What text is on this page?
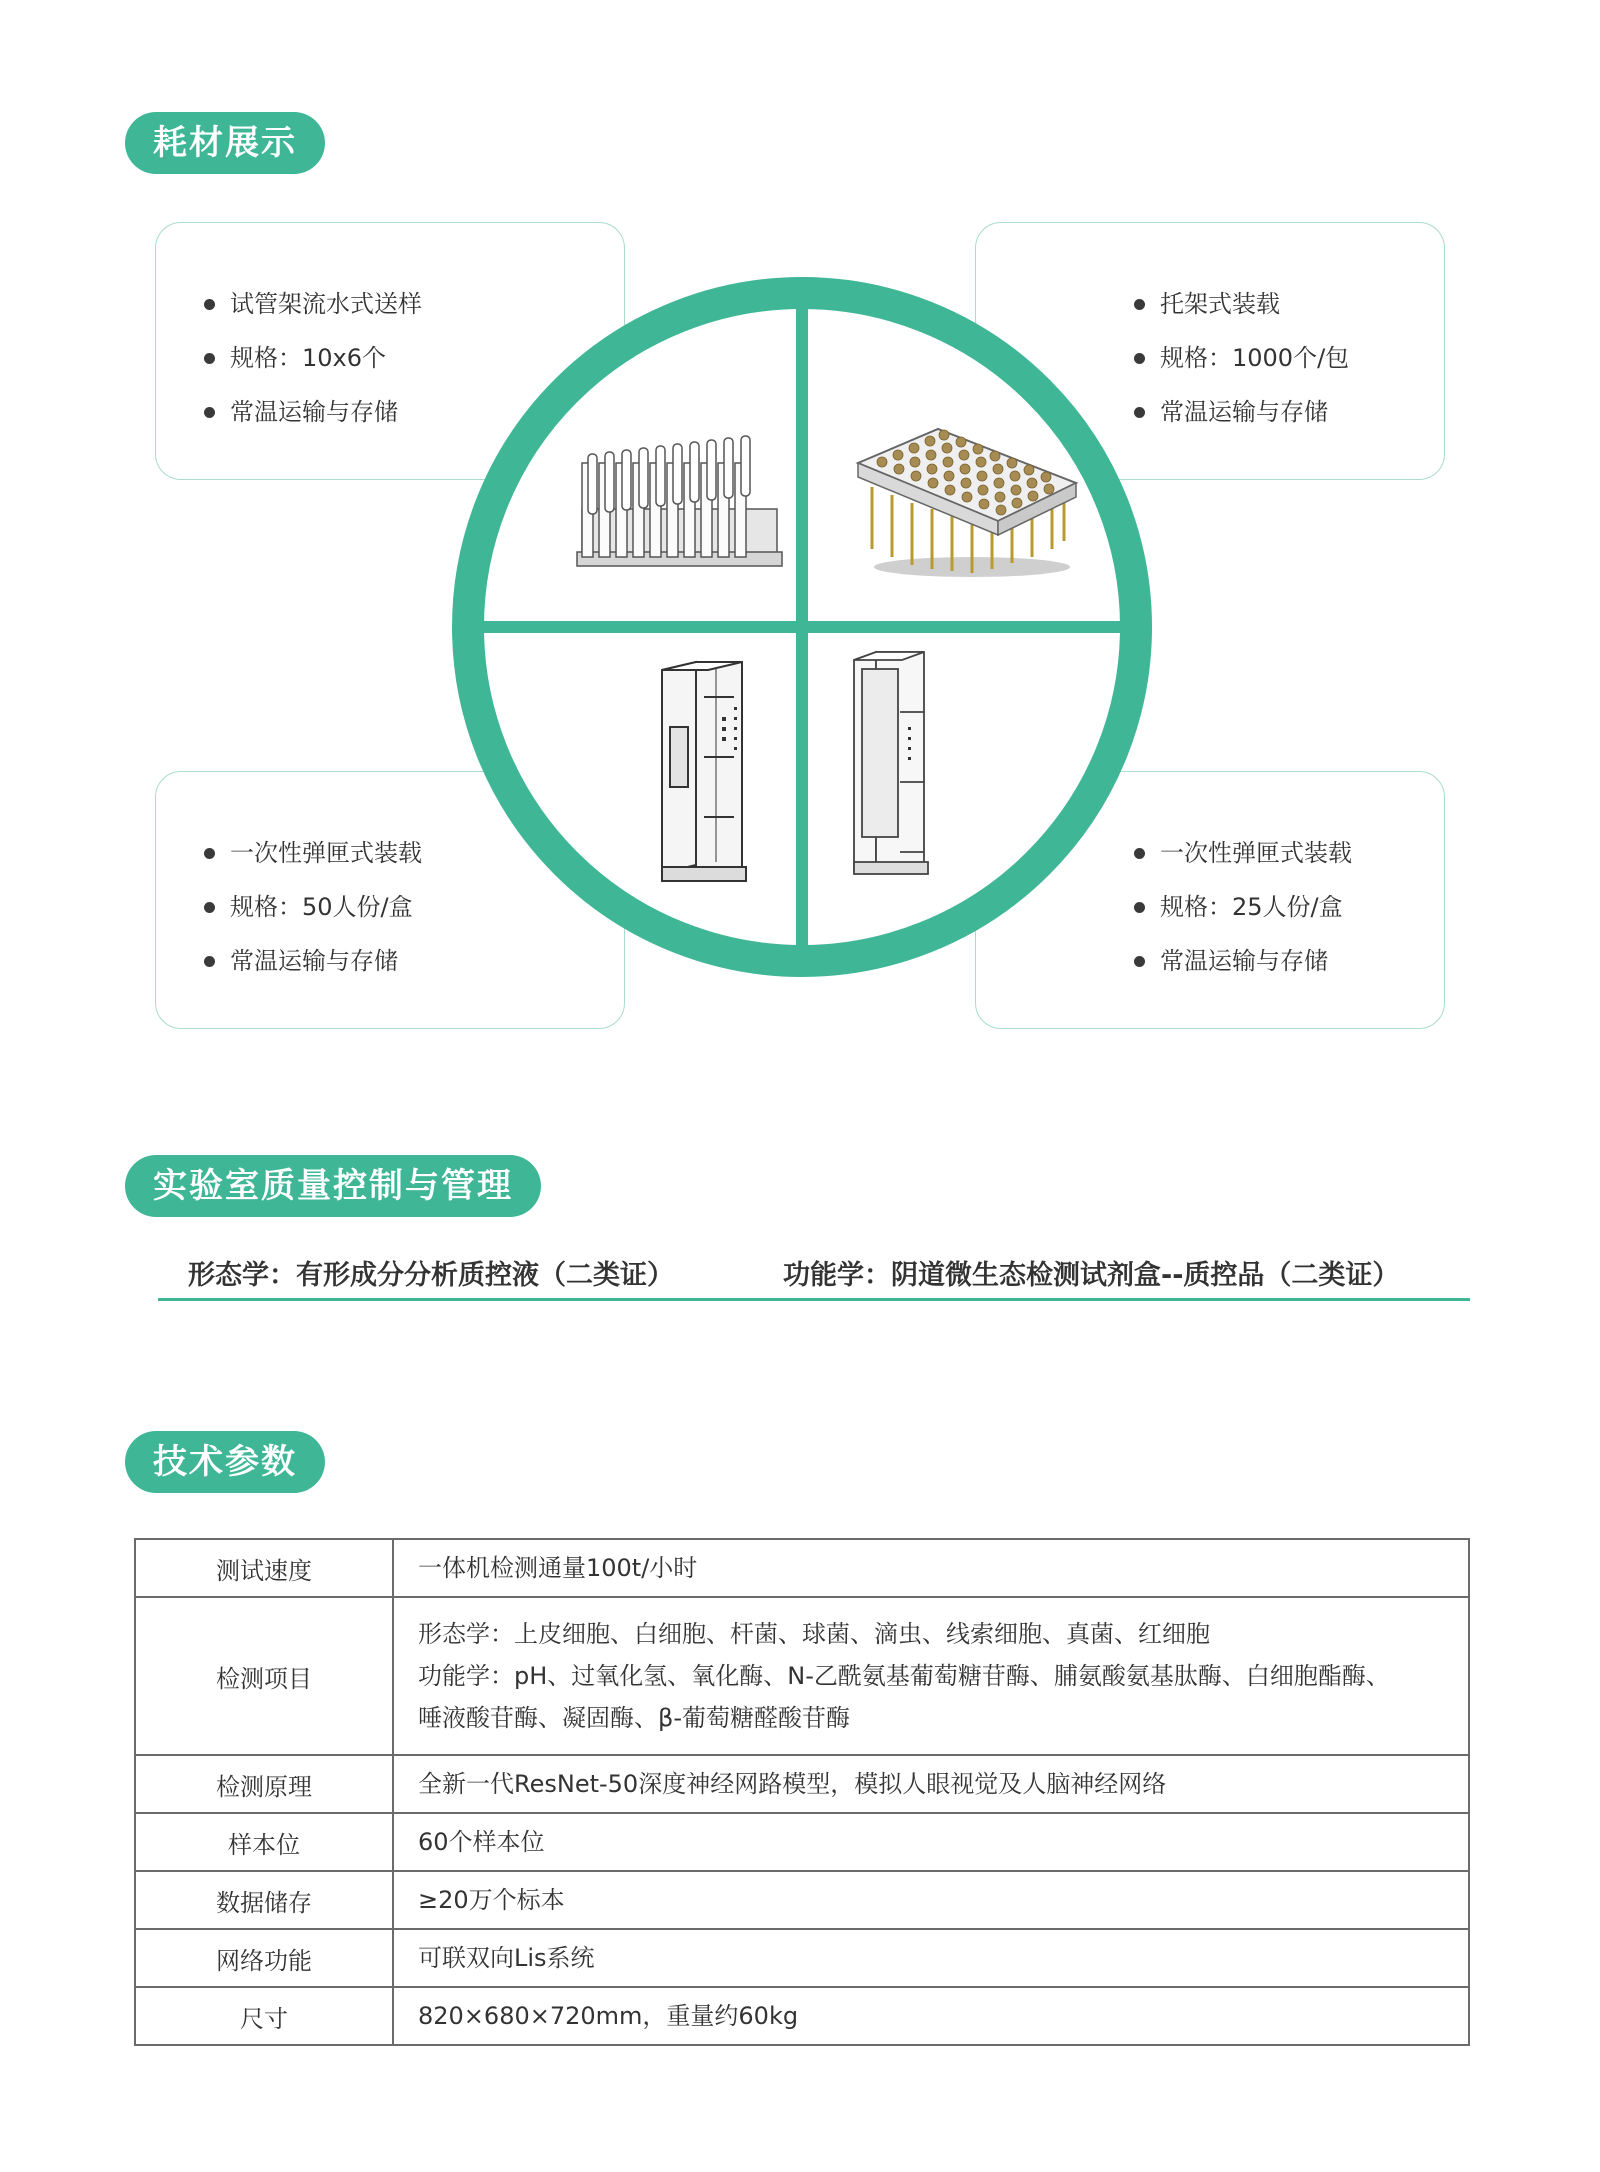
耗材展示
试管架流水式送样
规格：10x6个
常温运输与存储
托架式装载
规格：1000个/包
常温运输与存储
一次性弹匣式装载
规格：50人份/盒
常温运输与存储
一次性弹匣式装载
规格：25人份/盒
常温运输与存储
实验室质量控制与管理
形态学：有形成分分析质控液（二类证）	功能学：阴道微生态检测试剂盒--质控品（二类证）
技术参数
测试速度	一体机检测通量100t/小时

检测项目	形态学：上皮细胞、白细胞、杆菌、球菌、滴虫、线索细胞、真菌、红细胞
功能学：pH、过氧化氢、氧化酶、N-乙酰氨基葡萄糖苷酶、脯氨酸氨基肽酶、白细胞酯酶、
唾液酸苷酶、凝固酶、β-葡萄糖醛酸苷酶

检测原理	全新一代ResNet-50深度神经网路模型，模拟人眼视觉及人脑神经网络

样本位	60个样本位

数据储存	≥20万个标本

网络功能	可联双向Lis系统

尺寸	820×680×720mm，重量约60kg
